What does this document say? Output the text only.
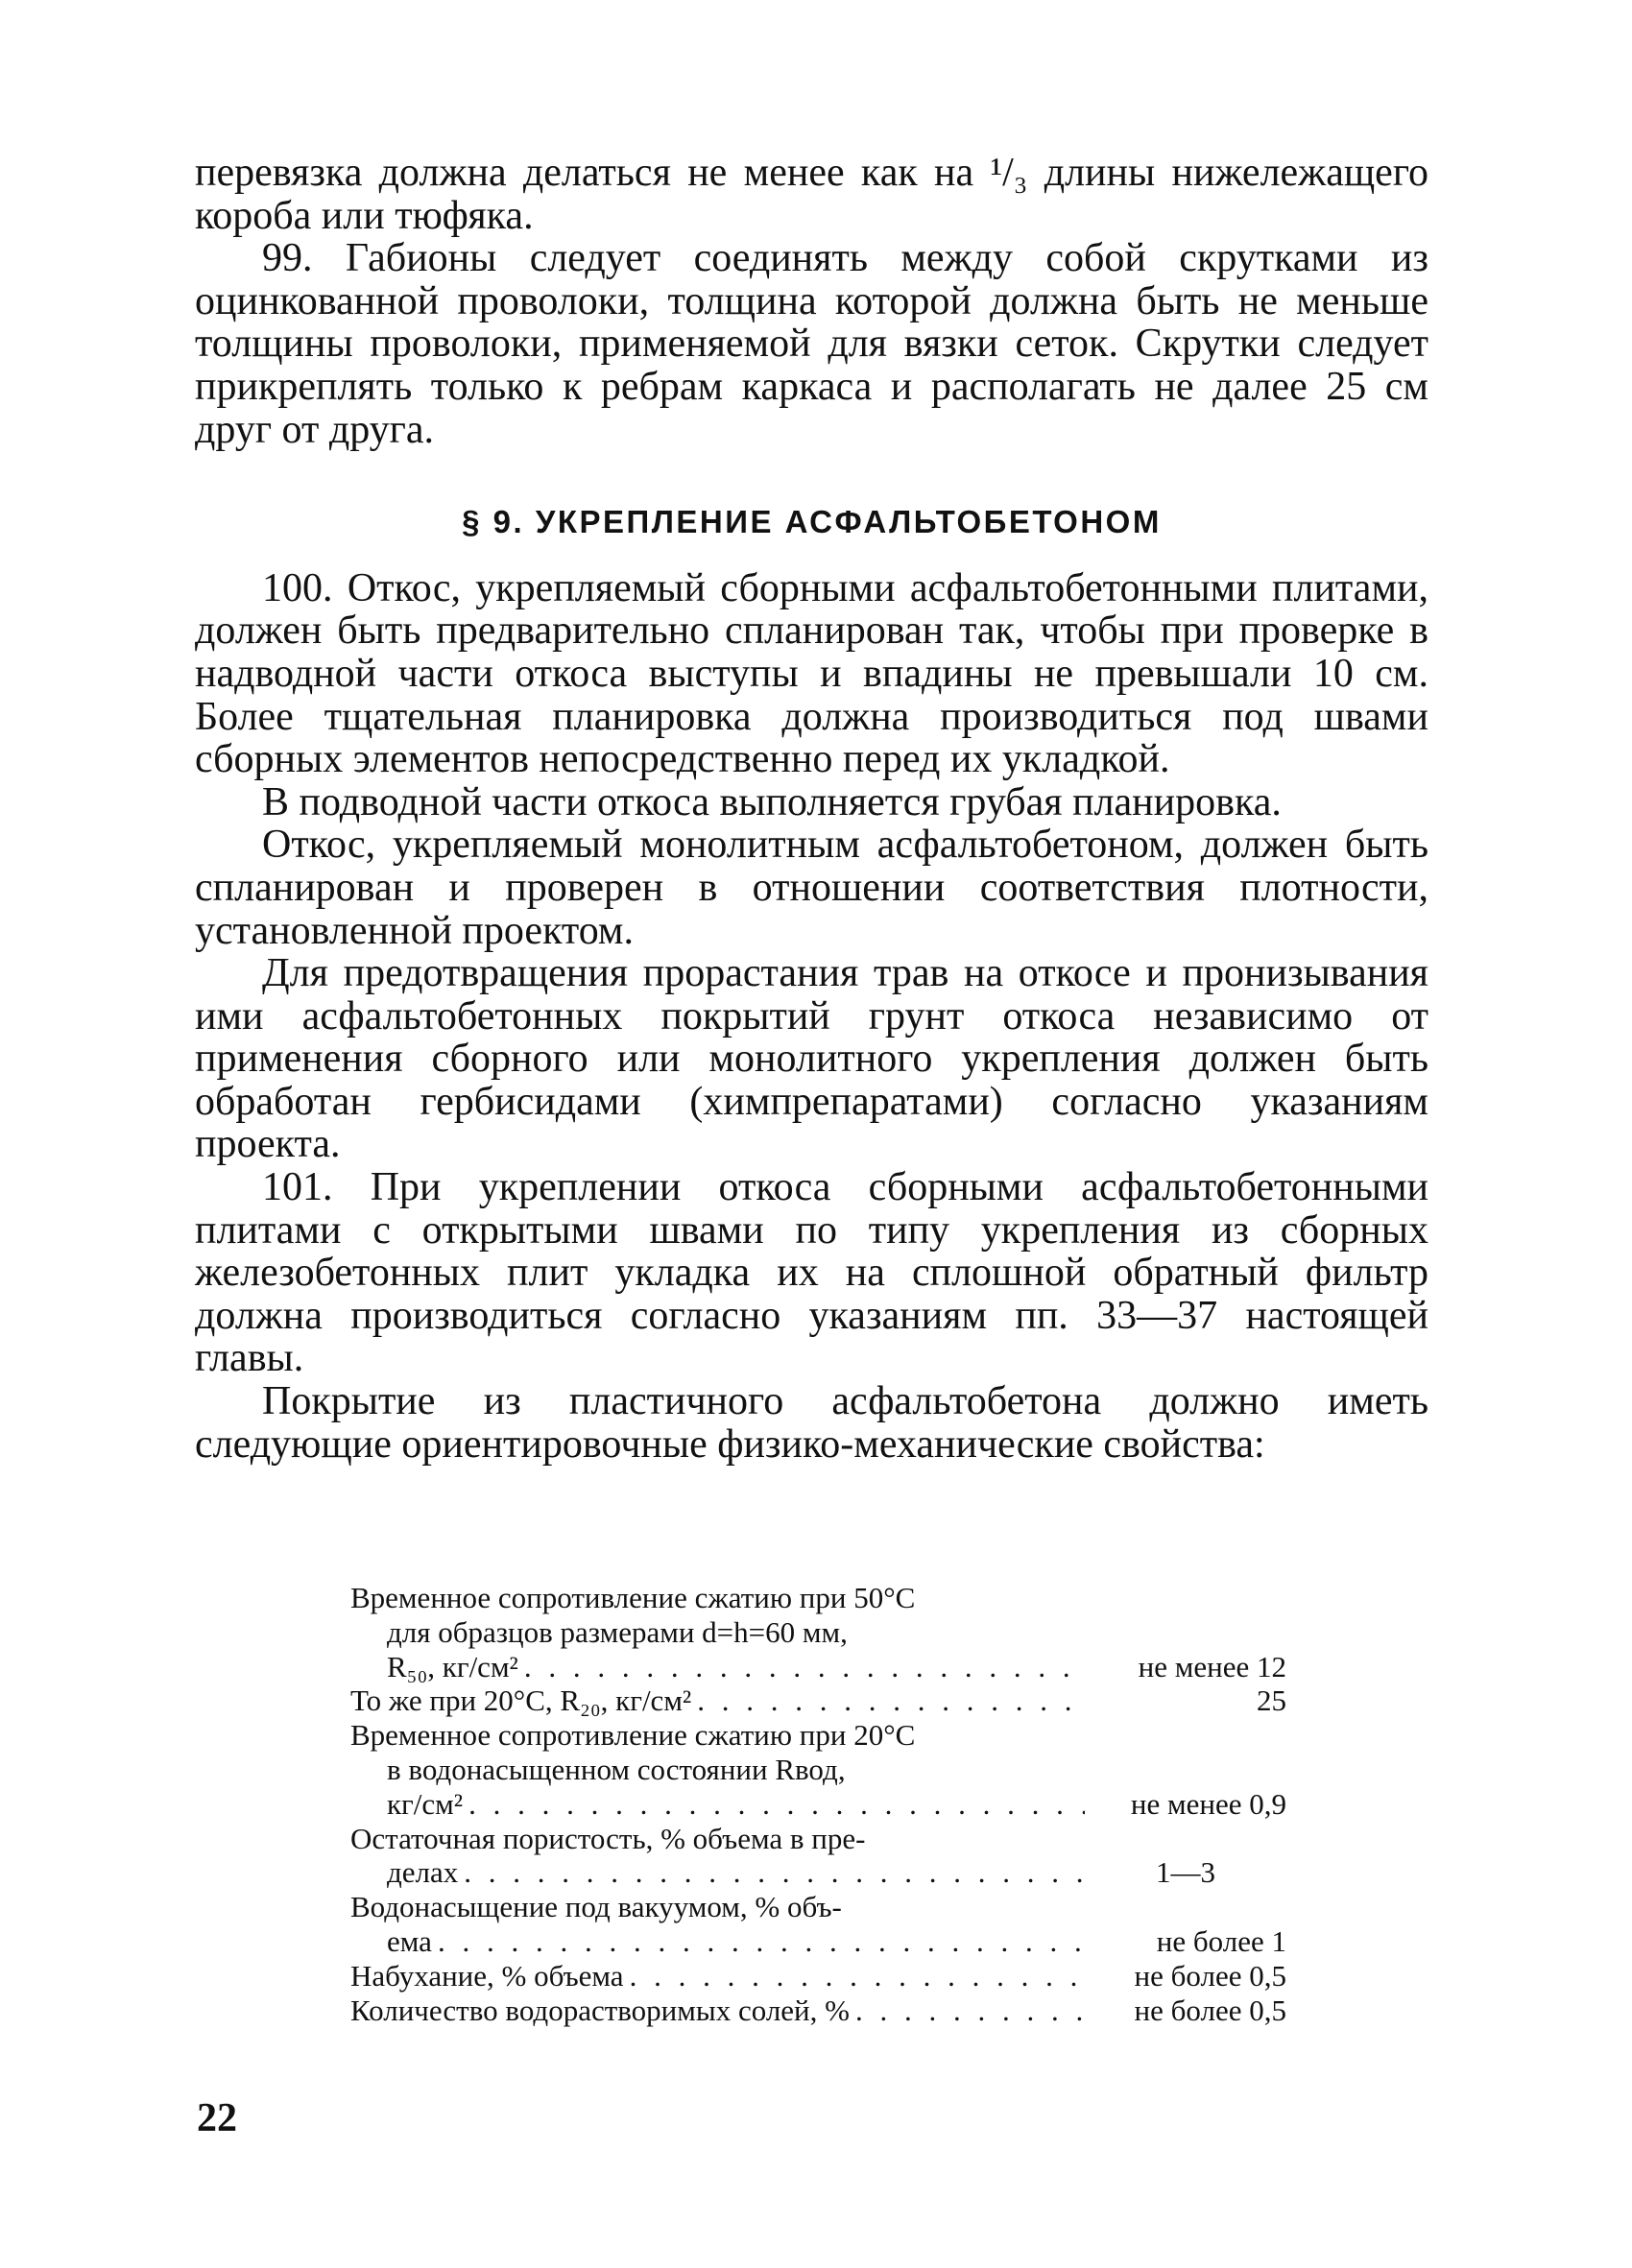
перевязка должна делаться не менее как на ¹/₃ длины нижележащего короба или тюфяка.

99. Габионы следует соединять между собой скрутками из оцинкованной проволоки, толщина которой должна быть не меньше толщины проволоки, применяемой для вязки сеток. Скрутки следует прикреплять только к ребрам каркаса и располагать не далее 25 см друг от друга.

§ 9. УКРЕПЛЕНИЕ АСФАЛЬТОБЕТОНОМ

100. Откос, укрепляемый сборными асфальтобетонными плитами, должен быть предварительно спланирован так, чтобы при проверке в надводной части откоса выступы и впадины не превышали 10 см. Более тщательная планировка должна производиться под швами сборных элементов непосредственно перед их укладкой.

В подводной части откоса выполняется грубая планировка.

Откос, укрепляемый монолитным асфальтобетоном, должен быть спланирован и проверен в отношении соответствия плотности, установленной проектом.

Для предотвращения прорастания трав на откосе и пронизывания ими асфальтобетонных покрытий грунт откоса независимо от применения сборного или монолитного укрепления должен быть обработан гербисидами (химпрепаратами) согласно указаниям проекта.

101. При укреплении откоса сборными асфальтобетонными плитами с открытыми швами по типу укрепления из сборных железобетонных плит укладка их на сплошной обратный фильтр должна производиться согласно указаниям пп. 33—37 настоящей главы.

Покрытие из пластичного асфальтобетона должно иметь следующие ориентировочные физико-механические свойства:

Временное сопротивление сжатию при 50°С
для образцов размерами d=h=60 мм,
R₅₀, кг/см² . . .	не менее 12
То же при 20°С, R₂₀, кг/см² . . .	25
Временное сопротивление сжатию при 20°С
в водонасыщенном состоянии Rвод,
кг/см² . . .	не менее 0,9
Остаточная пористость, % объема в пре-
делах . . .	1—3
Водонасыщение под вакуумом, % объ-
ема . . .	не более 1
Набухание, % объема . . .	не более 0,5
Количество водорастворимых солей, % . . .	не более 0,5
22
